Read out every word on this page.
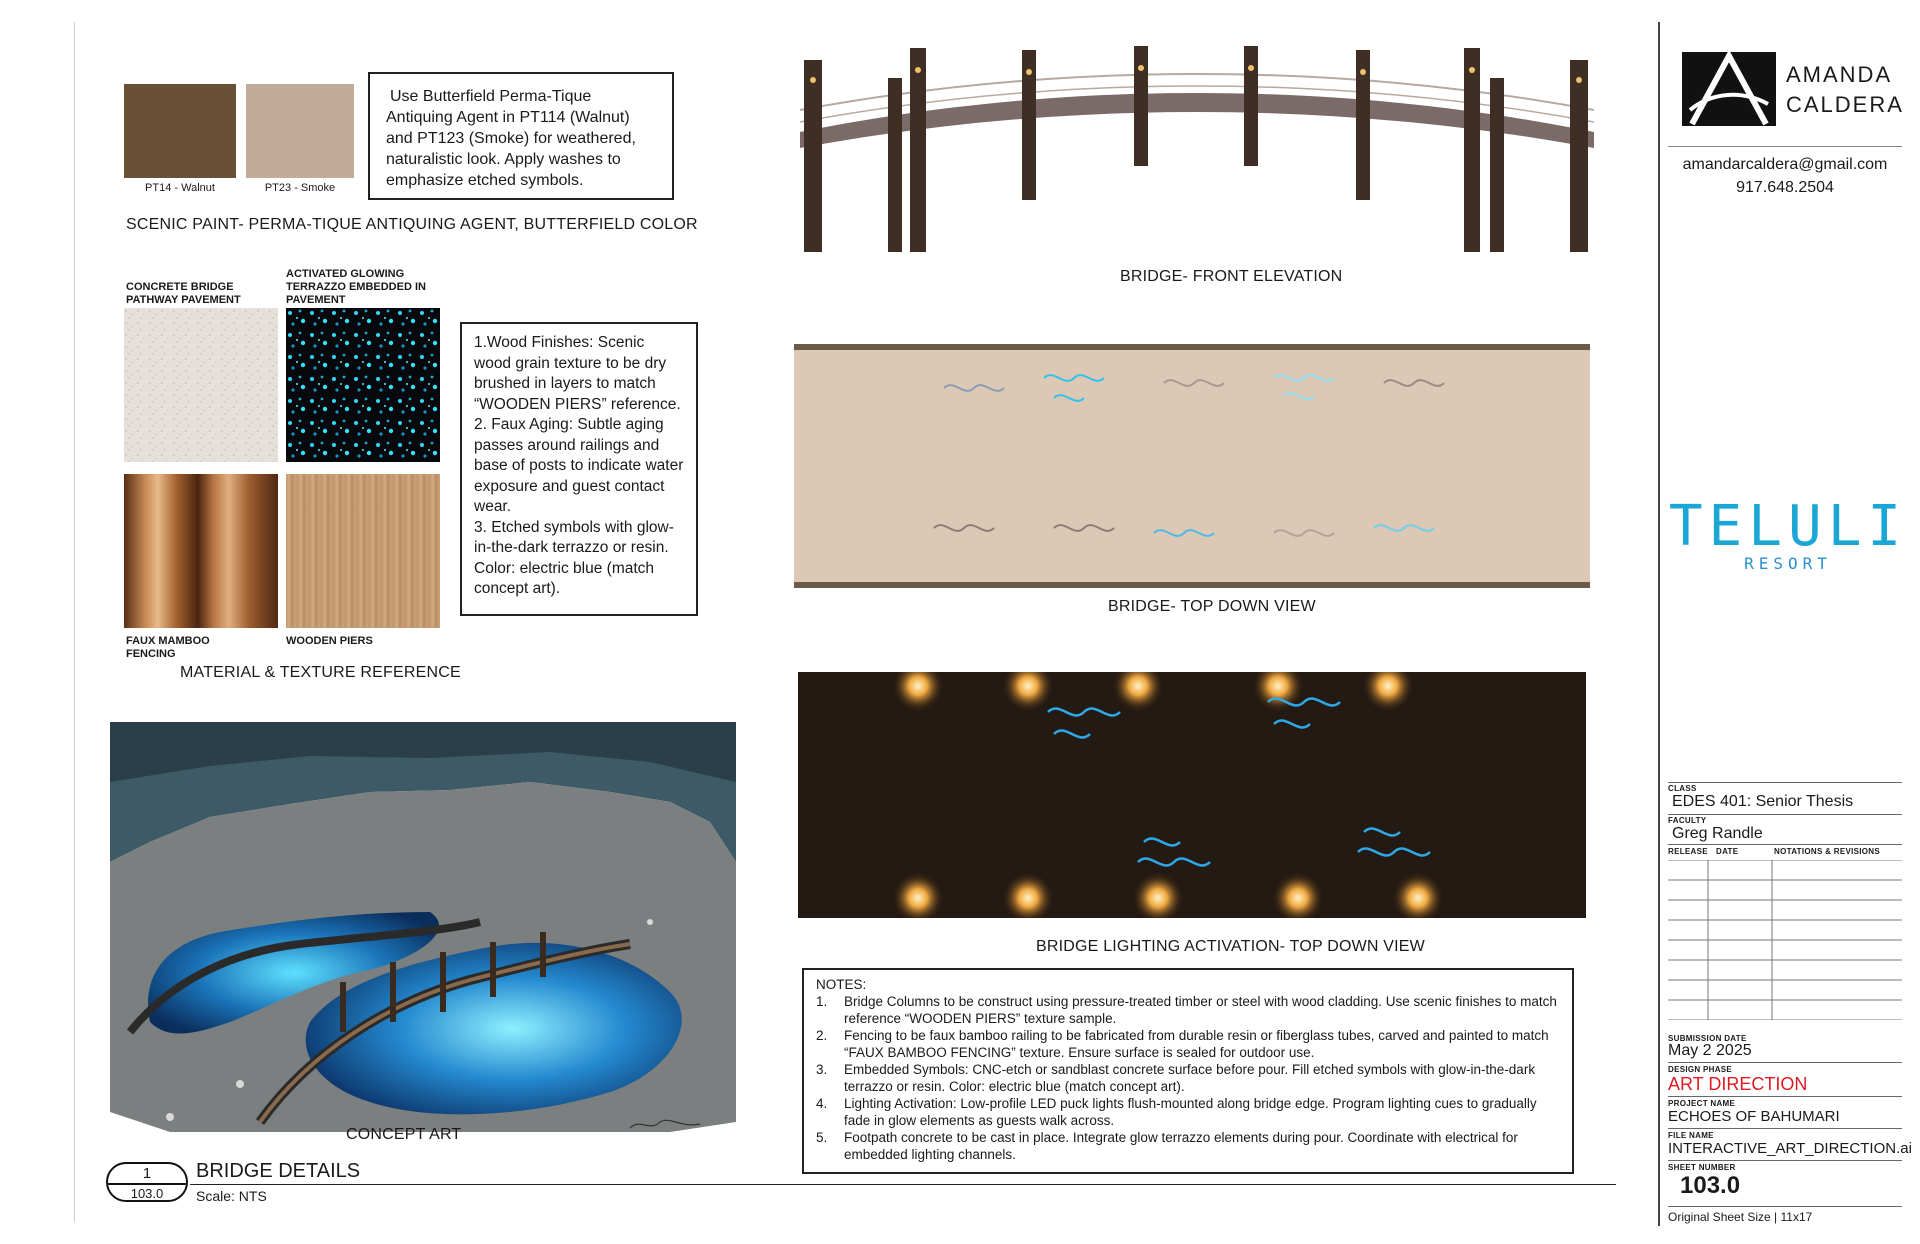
PT14 - Walnut	PT23 - Smoke
Use Butterfield Perma-Tique Antiquing Agent in PT114 (Walnut) and PT123 (Smoke) for weathered, naturalistic look. Apply washes to emphasize etched symbols.
SCENIC PAINT- PERMA-TIQUE ANTIQUING AGENT, BUTTERFIELD COLOR
CONCRETE BRIDGE PATHWAY PAVEMENT
ACTIVATED GLOWING TERRAZZO EMBEDDED IN PAVEMENT
FAUX MAMBOO FENCING
WOODEN PIERS
1.Wood Finishes: Scenic wood grain texture to be dry brushed in layers to match “WOODEN PIERS” reference.
2. Faux Aging: Subtle aging passes around railings and base of posts to indicate water exposure and guest contact wear.
3. Etched symbols with glow-in-the-dark terrazzo or resin. Color: electric blue (match concept art).
MATERIAL & TEXTURE REFERENCE
CONCEPT ART
BRIDGE- FRONT ELEVATION
BRIDGE- TOP DOWN VIEW
BRIDGE LIGHTING ACTIVATION- TOP DOWN VIEW
NOTES:
1.	Bridge Columns to be construct using pressure-treated timber or steel with wood cladding. Use scenic finishes to match reference “WOODEN PIERS” texture sample.
2.	Fencing to be faux bamboo railing to be fabricated from durable resin or fiberglass tubes, carved and painted to match “FAUX BAMBOO FENCING” texture. Ensure surface is sealed for outdoor use.
3.	Embedded Symbols: CNC-etch or sandblast concrete surface before pour. Fill etched symbols with glow-in-the-dark terrazzo or resin. Color: electric blue (match concept art).
4.	Lighting Activation: Low-profile LED puck lights flush-mounted along bridge edge. Program lighting cues to gradually fade in glow elements as guests walk across.
5.	Footpath concrete to be cast in place. Integrate glow terrazzo elements during pour. Coordinate with electrical for embedded lighting channels.
1
103.0
BRIDGE DETAILS
Scale: NTS
AMANDA
CALDERA
amandarcaldera@gmail.com
917.648.2504
TELULI
RESORT
CLASS
EDES 401: Senior Thesis
FACULTY
Greg Randle
RELEASE DATE	NOTATIONS & REVISIONS
SUBMISSION DATE
May 2 2025
DESIGN PHASE
ART DIRECTION
PROJECT NAME
ECHOES OF BAHUMARI
FILE NAME
INTERACTIVE_ART_DIRECTION.ai
SHEET NUMBER
103.0
Original Sheet Size | 11x17
